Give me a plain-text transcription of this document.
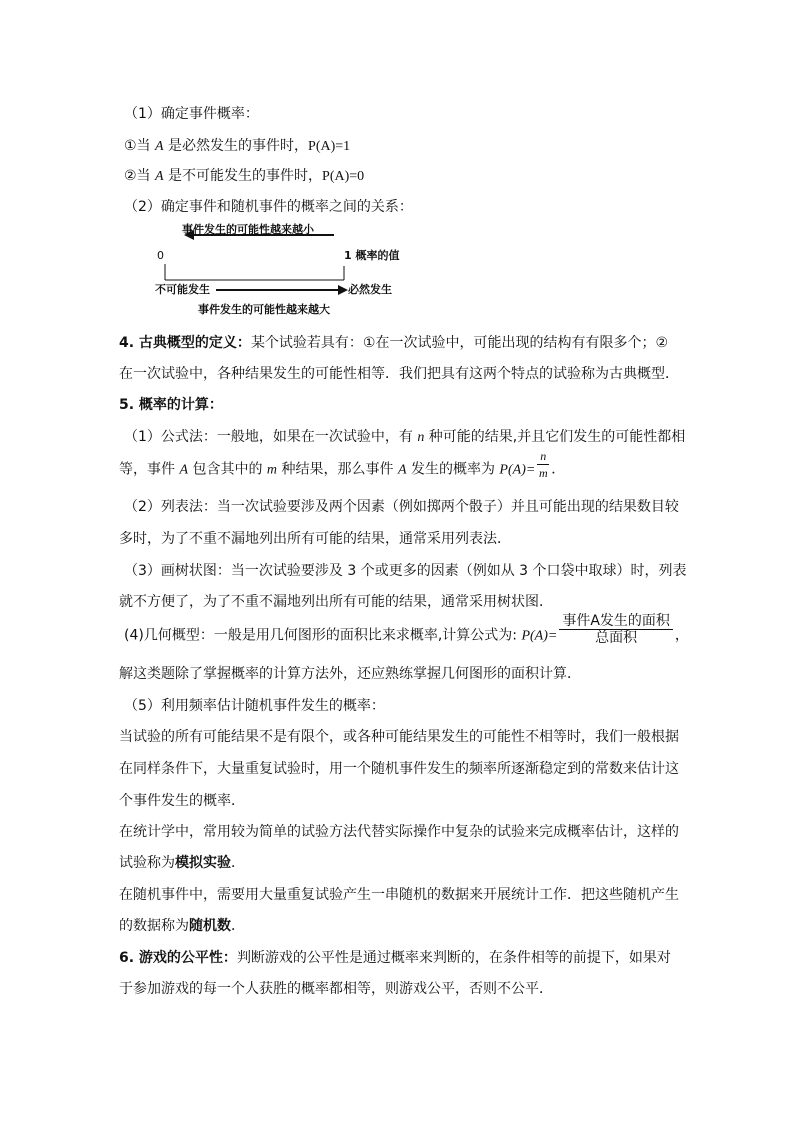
（1）确定事件概率：
①当 A 是必然发生的事件时，P(A)=1
②当 A 是不可能发生的事件时，P(A)=0
（2）确定事件和随机事件的概率之间的关系：
事件发生的可能性越来越小
0	1 概率的值
不可能发生	必然发生
事件发生的可能性越来越大
4. 古典概型的定义：某个试验若具有：①在一次试验中，可能出现的结构有有限多个；②
在一次试验中，各种结果发生的可能性相等．我们把具有这两个特点的试验称为古典概型．
5. 概率的计算：
（1）公式法：一般地，如果在一次试验中，有 n 种可能的结果,并且它们发生的可能性都相
等，事件 A 包含其中的 m 种结果，那么事件 A 发生的概率为 $P(A)= \frac{n}{m}$ ．
（2）列表法：当一次试验要涉及两个因素（例如掷两个骰子）并且可能出现的结果数目较
多时，为了不重不漏地列出所有可能的结果，通常采用列表法．
（3）画树状图：当一次试验要涉及 3 个或更多的因素（例如从 3 个口袋中取球）时，列表
就不方便了，为了不重不漏地列出所有可能的结果，通常采用树状图．
(4)几何概型：一般是用几何图形的面积比来求概率,计算公式为: $P(A)= \frac{\text{事件A发生的面积}}{\text{总面积}}$ ，
解这类题除了掌握概率的计算方法外，还应熟练掌握几何图形的面积计算．
（5）利用频率估计随机事件发生的概率：
当试验的所有可能结果不是有限个，或各种可能结果发生的可能性不相等时，我们一般根据
在同样条件下，大量重复试验时，用一个随机事件发生的频率所逐渐稳定到的常数来估计这
个事件发生的概率．
在统计学中，常用较为简单的试验方法代替实际操作中复杂的试验来完成概率估计，这样的
试验称为模拟实验．
在随机事件中，需要用大量重复试验产生一串随机的数据来开展统计工作．把这些随机产生
的数据称为随机数．
6. 游戏的公平性：判断游戏的公平性是通过概率来判断的，在条件相等的前提下，如果对
于参加游戏的每一个人获胜的概率都相等，则游戏公平，否则不公平．
